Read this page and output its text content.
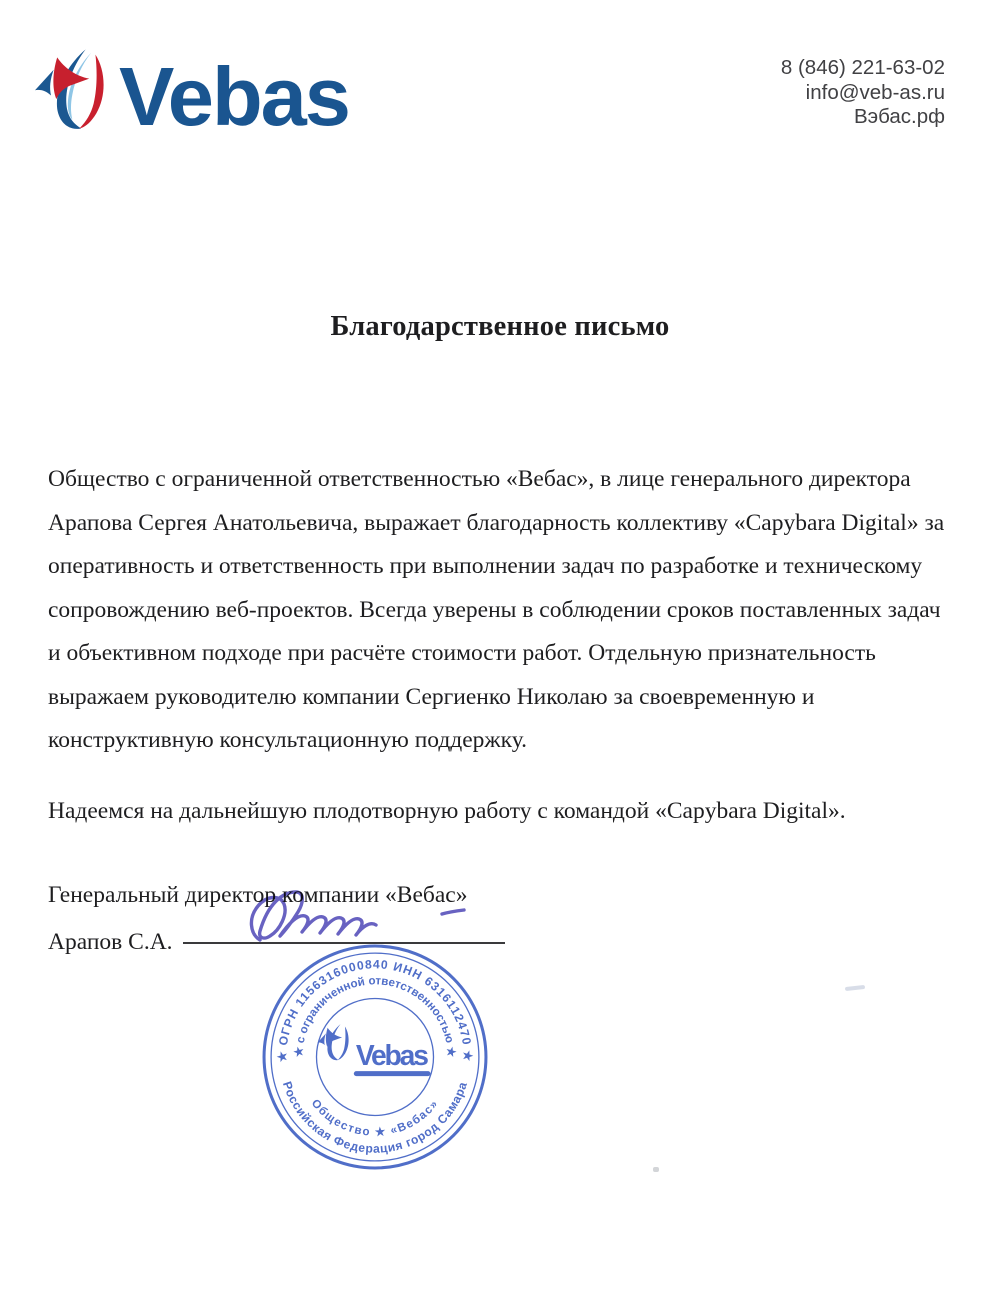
Vebas	8 (846) 221-63-02
info@veb-as.ru
Вэбас.рф
Благодарственное письмо
Общество с ограниченной ответственностью «Вебас», в лице генерального директора
Арапова Сергея Анатольевича, выражает благодарность коллективу «Capybara Digital» за
оперативность и ответственность при выполнении задач по разработке и техническому
сопровождению веб-проектов. Всегда уверены в соблюдении сроков поставленных задач
и объективном подходе при расчёте стоимости работ. Отдельную признательность
выражаем руководителю компании Сергиенко Николаю за своевременную и
конструктивную консультационную поддержку.
Надеемся на дальнейшую плодотворную работу с командой «Capybara Digital».
Генеральный директор компании «Вебас»
Арапов С.А.
★ ОГРН 1156316000840 ИНН 6316112470 ★
Российская Федерация город Самара
★ с ограниченной ответственностью ★
Общество ★ «Вебас»
Vebas
